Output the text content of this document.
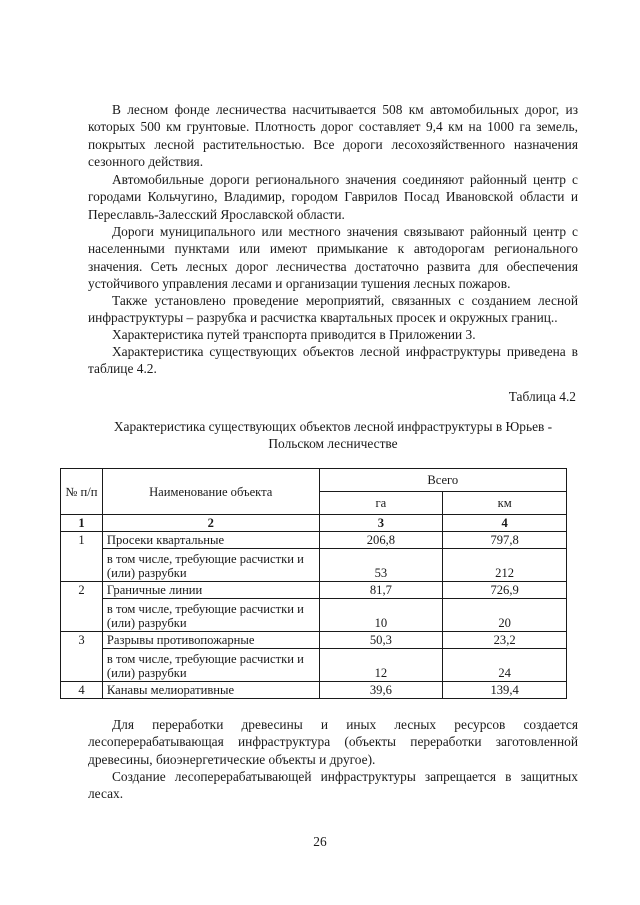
В лесном фонде лесничества насчитывается 508 км автомобильных дорог, из которых 500 км грунтовые. Плотность дорог составляет 9,4 км на 1000 га земель, покрытых лесной растительностью. Все дороги лесохозяйственного назначения сезонного действия.

Автомобильные дороги регионального значения соединяют районный центр с городами Кольчугино, Владимир, городом Гаврилов Посад Ивановской области и Переславль-Залесский Ярославской области.

Дороги муниципального или местного значения связывают районный центр с населенными пунктами или имеют примыкание к автодорогам регионального значения. Сеть лесных дорог лесничества достаточно развита для обеспечения устойчивого управления лесами и организации тушения лесных пожаров.

Также установлено проведение мероприятий, связанных с созданием лесной инфраструктуры – разрубка и расчистка квартальных просек и окружных границ..

Характеристика путей транспорта приводится в Приложении 3.

Характеристика существующих объектов лесной инфраструктуры приведена в таблице 4.2.

Таблица 4.2

Характеристика существующих объектов лесной инфраструктуры в Юрьев - Польском лесничестве

№ п/п	Наименование объекта	Всего	
		га	км
1	2	3	4
1	Просеки квартальные	206,8	797,8
	в том числе, требующие расчистки и (или) разрубки	53	212
2	Граничные линии	81,7	726,9
	в том числе, требующие расчистки и (или) разрубки	10	20
3	Разрывы противопожарные	50,3	23,2
	в том числе, требующие расчистки и (или) разрубки	12	24
4	Канавы мелиоративные	39,6	139,4

Для переработки древесины и иных лесных ресурсов создается лесоперерабатывающая инфраструктура (объекты переработки заготовленной древесины, биоэнергетические объекты и другое).

Создание лесоперерабатывающей инфраструктуры запрещается в защитных лесах.

26
